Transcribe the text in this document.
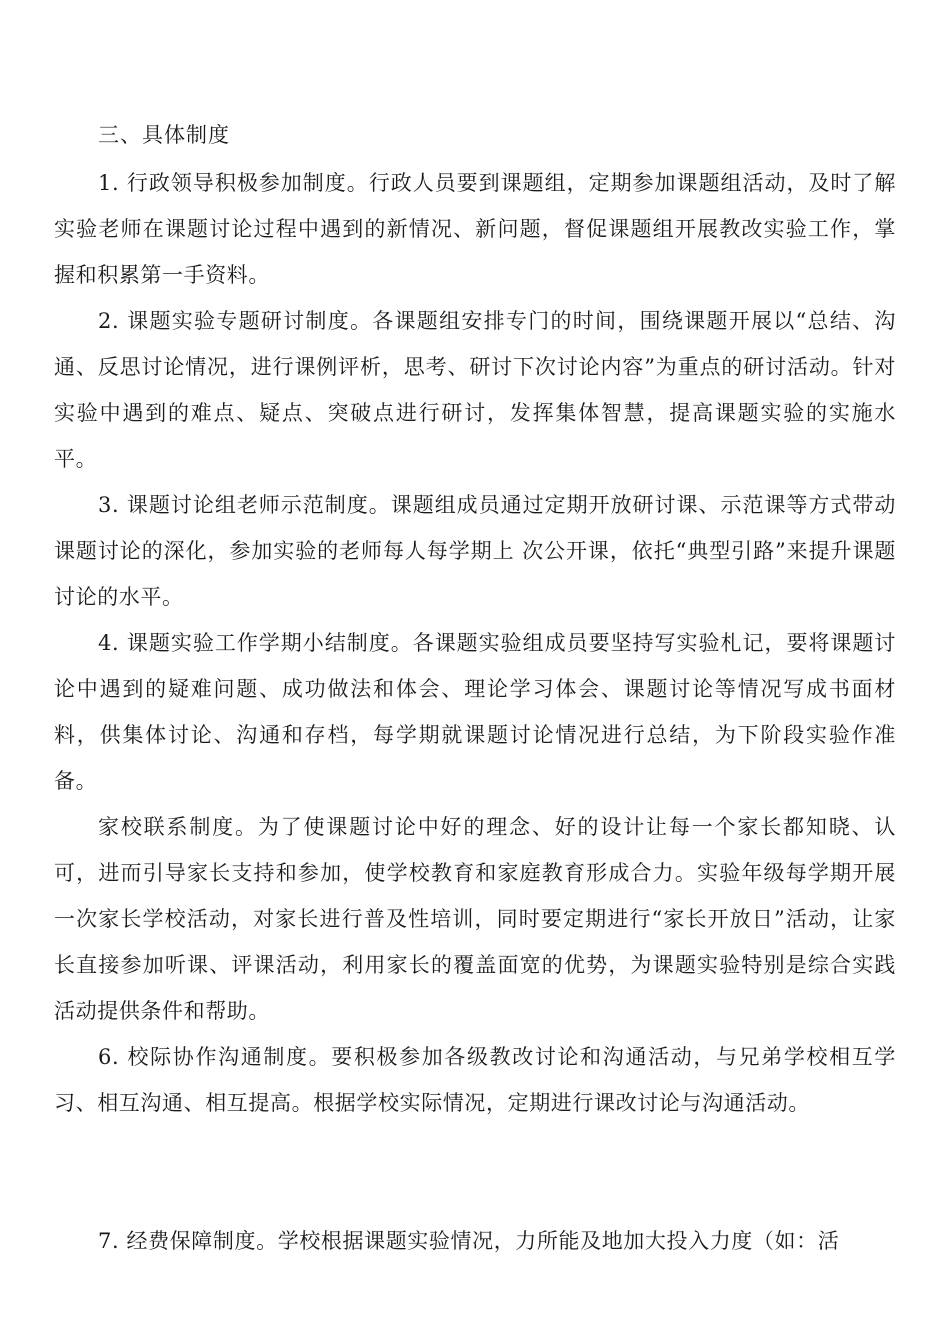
三、具体制度

1. 行政领导积极参加制度。行政人员要到课题组，定期参加课题组活动，及时了解实验老师在课题讨论过程中遇到的新情况、新问题，督促课题组开展教改实验工作，掌握和积累第一手资料。

2. 课题实验专题研讨制度。各课题组安排专门的时间，围绕课题开展以“总结、沟通、反思讨论情况，进行课例评析，思考、研讨下次讨论内容”为重点的研讨活动。针对实验中遇到的难点、疑点、突破点进行研讨，发挥集体智慧，提高课题实验的实施水平。

3. 课题讨论组老师示范制度。课题组成员通过定期开放研讨课、示范课等方式带动课题讨论的深化，参加实验的老师每人每学期上 次公开课，依托“典型引路”来提升课题讨论的水平。

4. 课题实验工作学期小结制度。各课题实验组成员要坚持写实验札记，要将课题讨论中遇到的疑难问题、成功做法和体会、理论学习体会、课题讨论等情况写成书面材料，供集体讨论、沟通和存档，每学期就课题讨论情况进行总结，为下阶段实验作准备。

家校联系制度。为了使课题讨论中好的理念、好的设计让每一个家长都知晓、认可，进而引导家长支持和参加，使学校教育和家庭教育形成合力。实验年级每学期开展一次家长学校活动，对家长进行普及性培训，同时要定期进行“家长开放日”活动，让家长直接参加听课、评课活动，利用家长的覆盖面宽的优势，为课题实验特别是综合实践活动提供条件和帮助。

6. 校际协作沟通制度。要积极参加各级教改讨论和沟通活动，与兄弟学校相互学习、相互沟通、相互提高。根据学校实际情况，定期进行课改讨论与沟通活动。

7. 经费保障制度。学校根据课题实验情况，力所能及地加大投入力度（如：活
